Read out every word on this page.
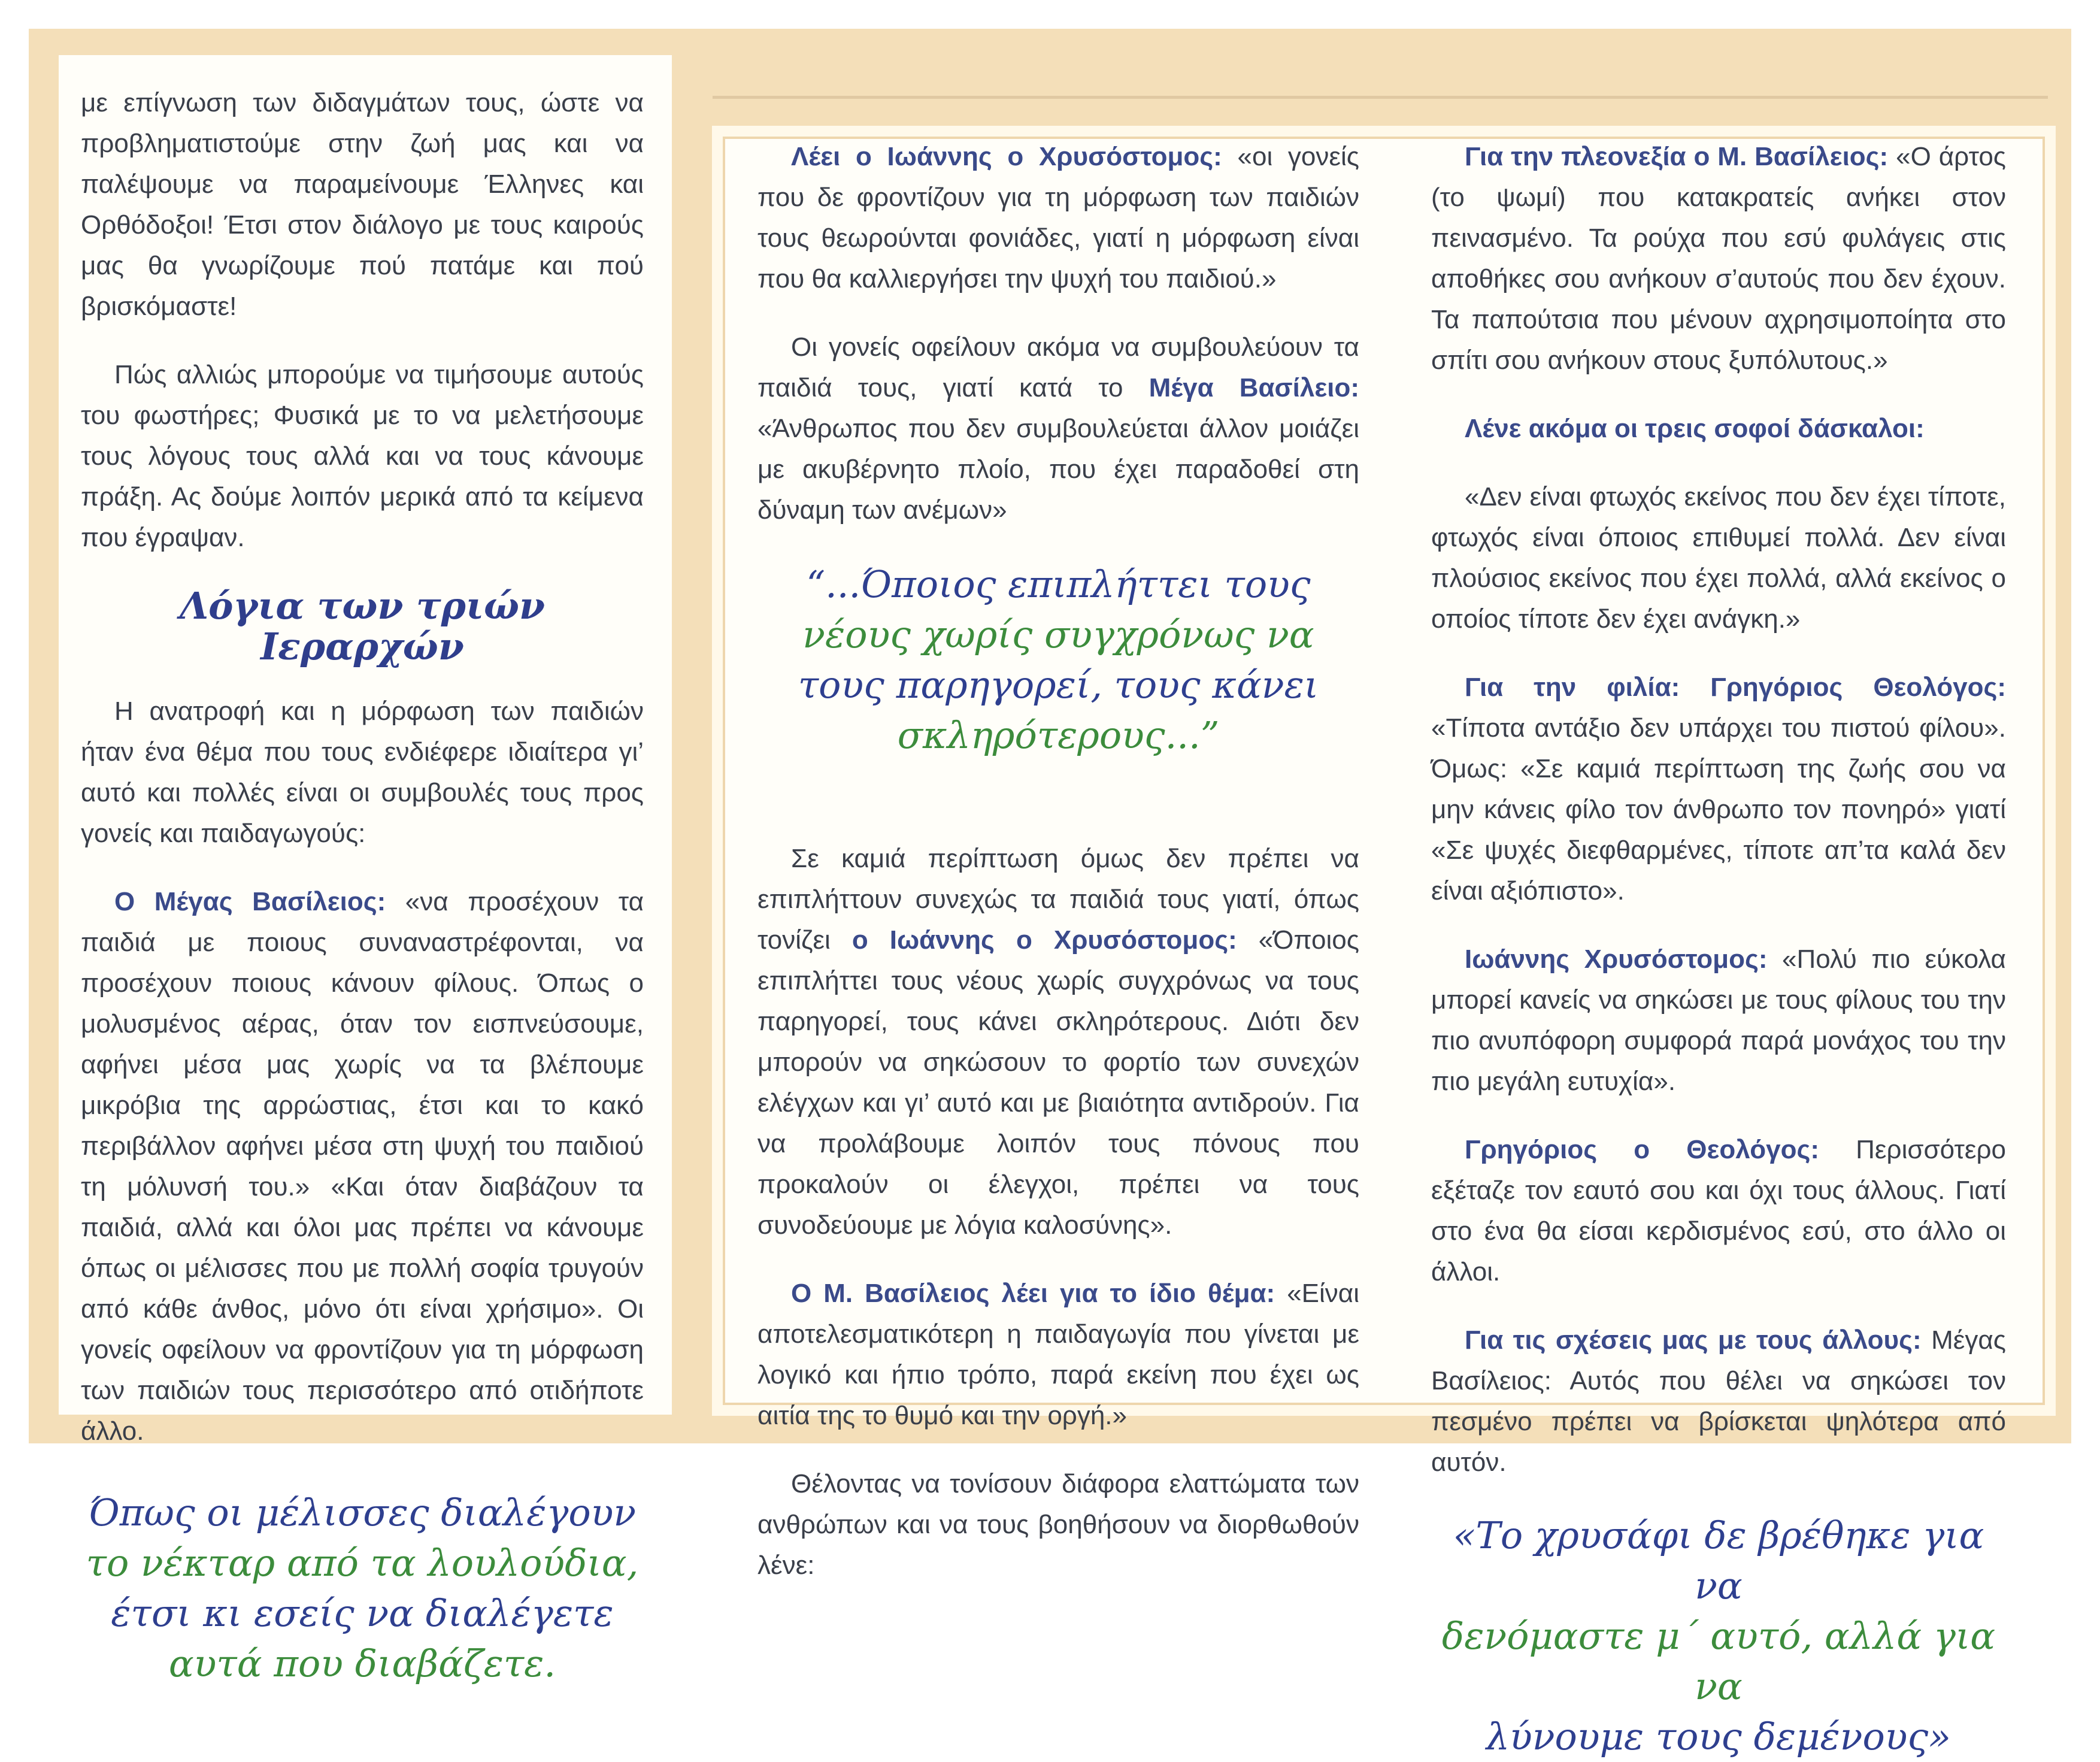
με επίγνωση των διδαγμάτων τους, ώστε να προβληματιστούμε στην ζωή μας και να παλέψουμε να παραμείνουμε Έλληνες και Ορθόδοξοι! Έτσι στον διάλογο με τους καιρούς μας θα γνωρίζουμε πού πατάμε και πού βρισκόμαστε!

Πώς αλλιώς μπορούμε να τιμήσουμε αυτούς του φωστήρες; Φυσικά με το να μελετήσουμε τους λόγους τους αλλά και να τους κάνουμε πράξη. Ας δούμε λοιπόν μερικά από τα κείμενα που έγραψαν.

Λόγια των τριών Ιεραρχών

Η ανατροφή και η μόρφωση των παιδιών ήταν ένα θέμα που τους ενδιέφερε ιδιαίτερα γι’ αυτό και πολλές είναι οι συμβουλές τους προς γονείς και παιδαγωγούς:

Ο Μέγας Βασίλειος: «να προσέχουν τα παιδιά με ποιους συναναστρέφονται, να προσέχουν ποιους κάνουν φίλους. Όπως ο μολυσμένος αέρας, όταν τον εισπνεύσουμε, αφήνει μέσα μας χωρίς να τα βλέπουμε μικρόβια της αρρώστιας, έτσι και το κακό περιβάλλον αφήνει μέσα στη ψυχή του παιδιού τη μόλυνσή του.» «Και όταν διαβάζουν τα παιδιά, αλλά και όλοι μας πρέπει να κάνουμε όπως οι μέλισσες που με πολλή σοφία τρυγούν από κάθε άνθος, μόνο ότι είναι χρήσιμο». Οι γονείς οφείλουν να φροντίζουν για τη μόρφωση των παιδιών τους περισσότερο από οτιδήποτε άλλο.

Όπως οι μέλισσες διαλέγουν
το νέκταρ από τα λουλούδια,
έτσι κι εσείς να διαλέγετε
αυτά που διαβάζετε.

Λέει ο Ιωάννης ο Χρυσόστομος: «οι γονείς που δε φροντίζουν για τη μόρφωση των παιδιών τους θεωρούνται φονιάδες, γιατί η μόρφωση είναι που θα καλλιεργήσει την ψυχή του παιδιού.»

Οι γονείς οφείλουν ακόμα να συμβουλεύουν τα παιδιά τους, γιατί κατά το Μέγα Βασίλειο: «Άνθρωπος που δεν συμβουλεύεται άλλον μοιάζει με ακυβέρνητο πλοίο, που έχει παραδοθεί στη δύναμη των ανέμων»

“...Όποιος επιπλήττει τους
νέους χωρίς συγχρόνως να
τους παρηγορεί, τους κάνει
σκληρότερους...”

Σε καμιά περίπτωση όμως δεν πρέπει να επιπλήττουν συνεχώς τα παιδιά τους γιατί, όπως τονίζει ο Ιωάννης ο Χρυσόστομος: «Όποιος επιπλήττει τους νέους χωρίς συγχρόνως να τους παρηγορεί, τους κάνει σκληρότερους. Διότι δεν μπορούν να σηκώσουν το φορτίο των συνεχών ελέγχων και γι’ αυτό και με βιαιότητα αντιδρούν. Για να προλάβουμε λοιπόν τους πόνους που προκαλούν οι έλεγχοι, πρέπει να τους συνοδεύουμε με λόγια καλοσύνης».

Ο Μ. Βασίλειος λέει για το ίδιο θέμα: «Είναι αποτελεσματικότερη η παιδαγωγία που γίνεται με λογικό και ήπιο τρόπο, παρά εκείνη που έχει ως αιτία της το θυμό και την οργή.»

Θέλοντας να τονίσουν διάφορα ελαττώματα των ανθρώπων και να τους βοηθήσουν να διορθωθούν λένε:

Για την πλεονεξία ο Μ. Βασίλειος: «Ο άρτος (το ψωμί) που κατακρατείς ανήκει στον πεινασμένο. Τα ρούχα που εσύ φυλάγεις στις αποθήκες σου ανήκουν σ’αυτούς που δεν έχουν. Τα παπούτσια που μένουν αχρησιμοποίητα στο σπίτι σου ανήκουν στους ξυπόλυτους.»

Λένε ακόμα οι τρεις σοφοί δάσκαλοι:

«Δεν είναι φτωχός εκείνος που δεν έχει τίποτε, φτωχός είναι όποιος επιθυμεί πολλά. Δεν είναι πλούσιος εκείνος που έχει πολλά, αλλά εκείνος ο οποίος τίποτε δεν έχει ανάγκη.»

Για την φιλία: Γρηγόριος Θεολόγος: «Τίποτα αντάξιο δεν υπάρχει του πιστού φίλου». Όμως: «Σε καμιά περίπτωση της ζωής σου να μην κάνεις φίλο τον άνθρωπο τον πονηρό» γιατί «Σε ψυχές διεφθαρμένες, τίποτε απ’τα καλά δεν είναι αξιόπιστο».

Ιωάννης Χρυσόστομος: «Πολύ πιο εύκολα μπορεί κανείς να σηκώσει με τους φίλους του την πιο ανυπόφορη συμφορά παρά μονάχος του την πιο μεγάλη ευτυχία».

Γρηγόριος ο Θεολόγος: Περισσότερο εξέταζε τον εαυτό σου και όχι τους άλλους. Γιατί στο ένα θα είσαι κερδισμένος εσύ, στο άλλο οι άλλοι.

Για τις σχέσεις μας με τους άλλους: Μέγας Βασίλειος: Αυτός που θέλει να σηκώσει τον πεσμένο πρέπει να βρίσκεται ψηλότερα από αυτόν.

«Το χρυσάφι δε βρέθηκε για να
δενόμαστε μ΄ αυτό, αλλά για να
λύνουμε τους δεμένους»
